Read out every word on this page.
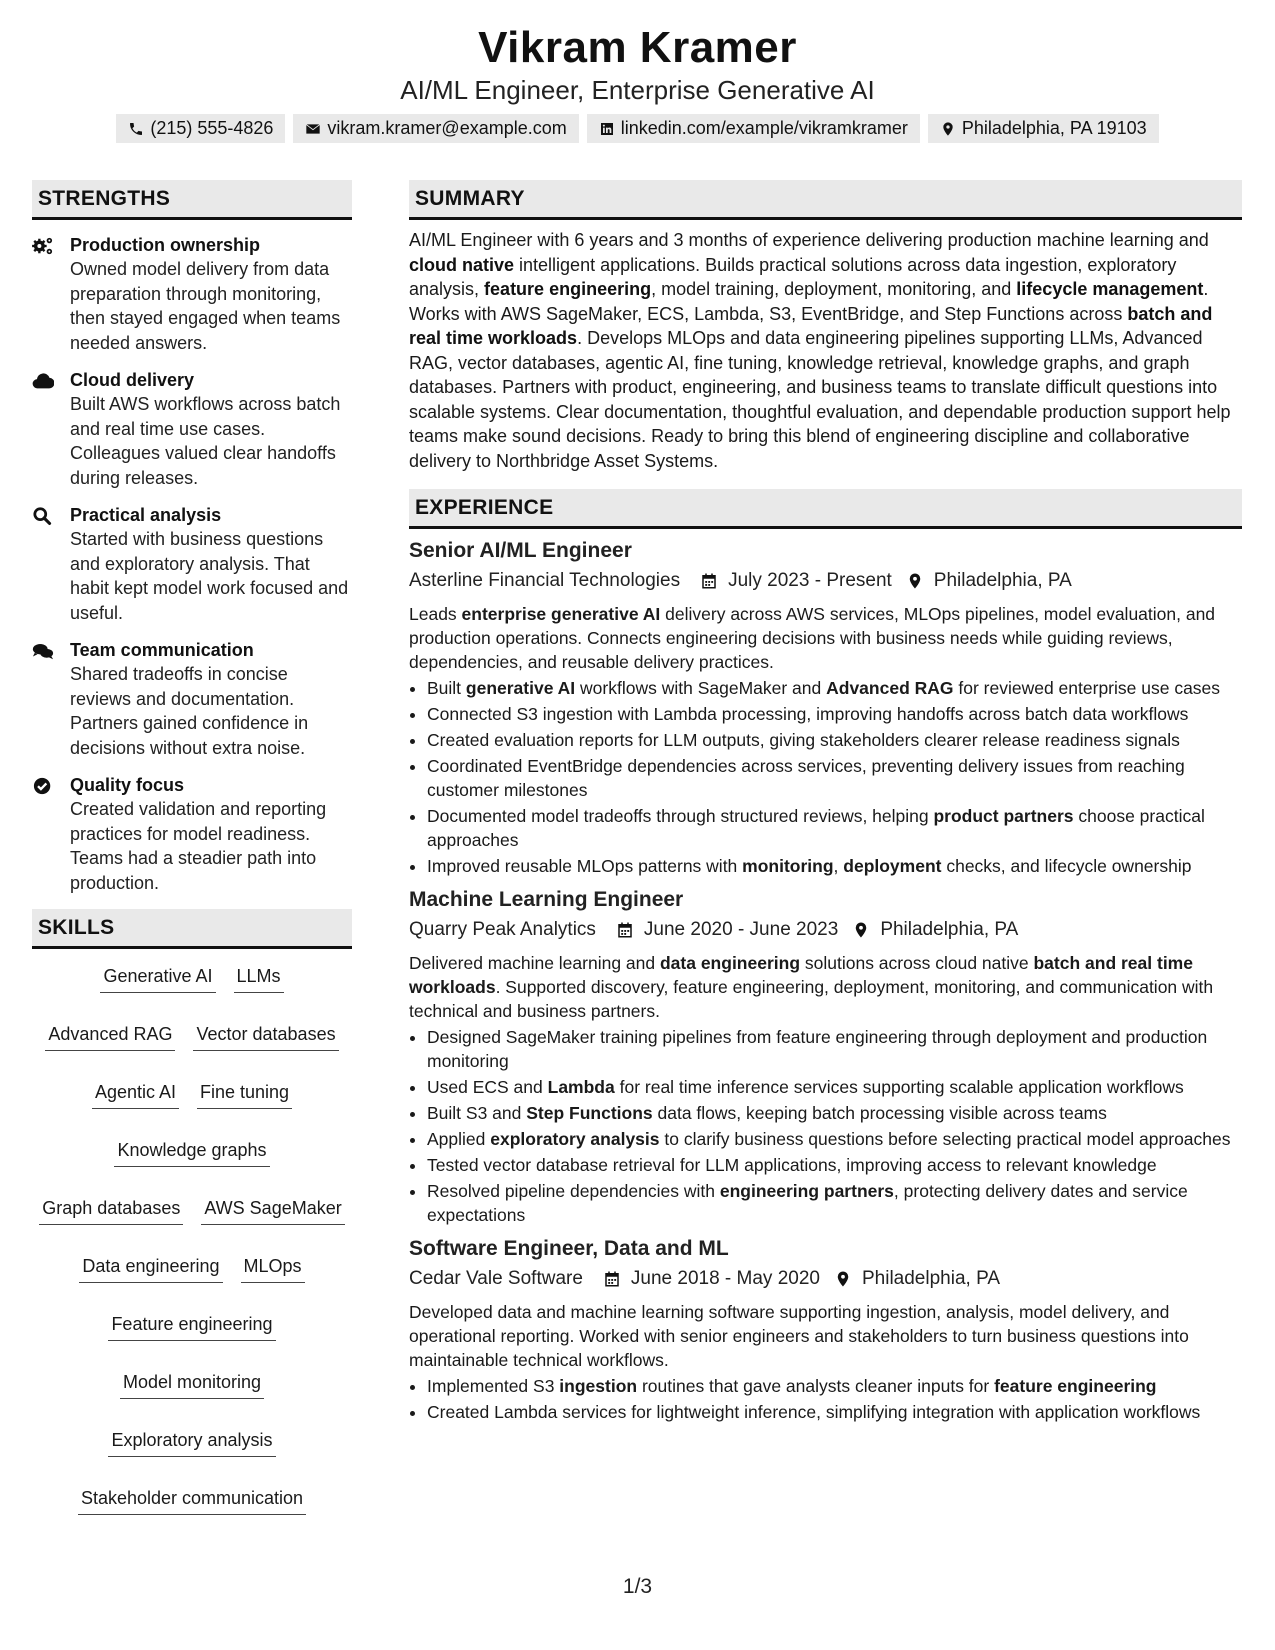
Vikram Kramer
AI/ML Engineer, Enterprise Generative AI
(215) 555-4826	vikram.kramer@example.com	linkedin.com/example/vikramkramer	Philadelphia, PA 19103
STRENGTHS
Production ownership
Owned model delivery from data preparation through monitoring, then stayed engaged when teams needed answers.
Cloud delivery
Built AWS workflows across batch and real time use cases. Colleagues valued clear handoffs during releases.
Practical analysis
Started with business questions and exploratory analysis. That habit kept model work focused and useful.
Team communication
Shared tradeoffs in concise reviews and documentation. Partners gained confidence in decisions without extra noise.
Quality focus
Created validation and reporting practices for model readiness. Teams had a steadier path into production.
SKILLS
Generative AI LLMs
Advanced RAG Vector databases
Agentic AI Fine tuning
Knowledge graphs
Graph databases AWS SageMaker
Data engineering MLOps
Feature engineering
Model monitoring
Exploratory analysis
Stakeholder communication
SUMMARY
AI/ML Engineer with 6 years and 3 months of experience delivering production machine learning and cloud native intelligent applications. Builds practical solutions across data ingestion, exploratory analysis, feature engineering, model training, deployment, monitoring, and lifecycle management. Works with AWS SageMaker, ECS, Lambda, S3, EventBridge, and Step Functions across batch and real time workloads. Develops MLOps and data engineering pipelines supporting LLMs, Advanced RAG, vector databases, agentic AI, fine tuning, knowledge retrieval, knowledge graphs, and graph databases. Partners with product, engineering, and business teams to translate difficult questions into scalable systems. Clear documentation, thoughtful evaluation, and dependable production support help teams make sound decisions. Ready to bring this blend of engineering discipline and collaborative delivery to Northbridge Asset Systems.
EXPERIENCE
Senior AI/ML Engineer
Asterline Financial Technologies	July 2023 - Present Philadelphia, PA
Leads enterprise generative AI delivery across AWS services, MLOps pipelines, model evaluation, and production operations. Connects engineering decisions with business needs while guiding reviews, dependencies, and reusable delivery practices.
• Built generative AI workflows with SageMaker and Advanced RAG for reviewed enterprise use cases
• Connected S3 ingestion with Lambda processing, improving handoffs across batch data workflows
• Created evaluation reports for LLM outputs, giving stakeholders clearer release readiness signals
• Coordinated EventBridge dependencies across services, preventing delivery issues from reaching customer milestones
• Documented model tradeoffs through structured reviews, helping product partners choose practical approaches
• Improved reusable MLOps patterns with monitoring, deployment checks, and lifecycle ownership
Machine Learning Engineer
Quarry Peak Analytics	June 2020 - June 2023 Philadelphia, PA
Delivered machine learning and data engineering solutions across cloud native batch and real time workloads. Supported discovery, feature engineering, deployment, monitoring, and communication with technical and business partners.
• Designed SageMaker training pipelines from feature engineering through deployment and production monitoring
• Used ECS and Lambda for real time inference services supporting scalable application workflows
• Built S3 and Step Functions data flows, keeping batch processing visible across teams
• Applied exploratory analysis to clarify business questions before selecting practical model approaches
• Tested vector database retrieval for LLM applications, improving access to relevant knowledge
• Resolved pipeline dependencies with engineering partners, protecting delivery dates and service expectations
Software Engineer, Data and ML
Cedar Vale Software	June 2018 - May 2020 Philadelphia, PA
Developed data and machine learning software supporting ingestion, analysis, model delivery, and operational reporting. Worked with senior engineers and stakeholders to turn business questions into maintainable technical workflows.
• Implemented S3 ingestion routines that gave analysts cleaner inputs for feature engineering
• Created Lambda services for lightweight inference, simplifying integration with application workflows
1/3
